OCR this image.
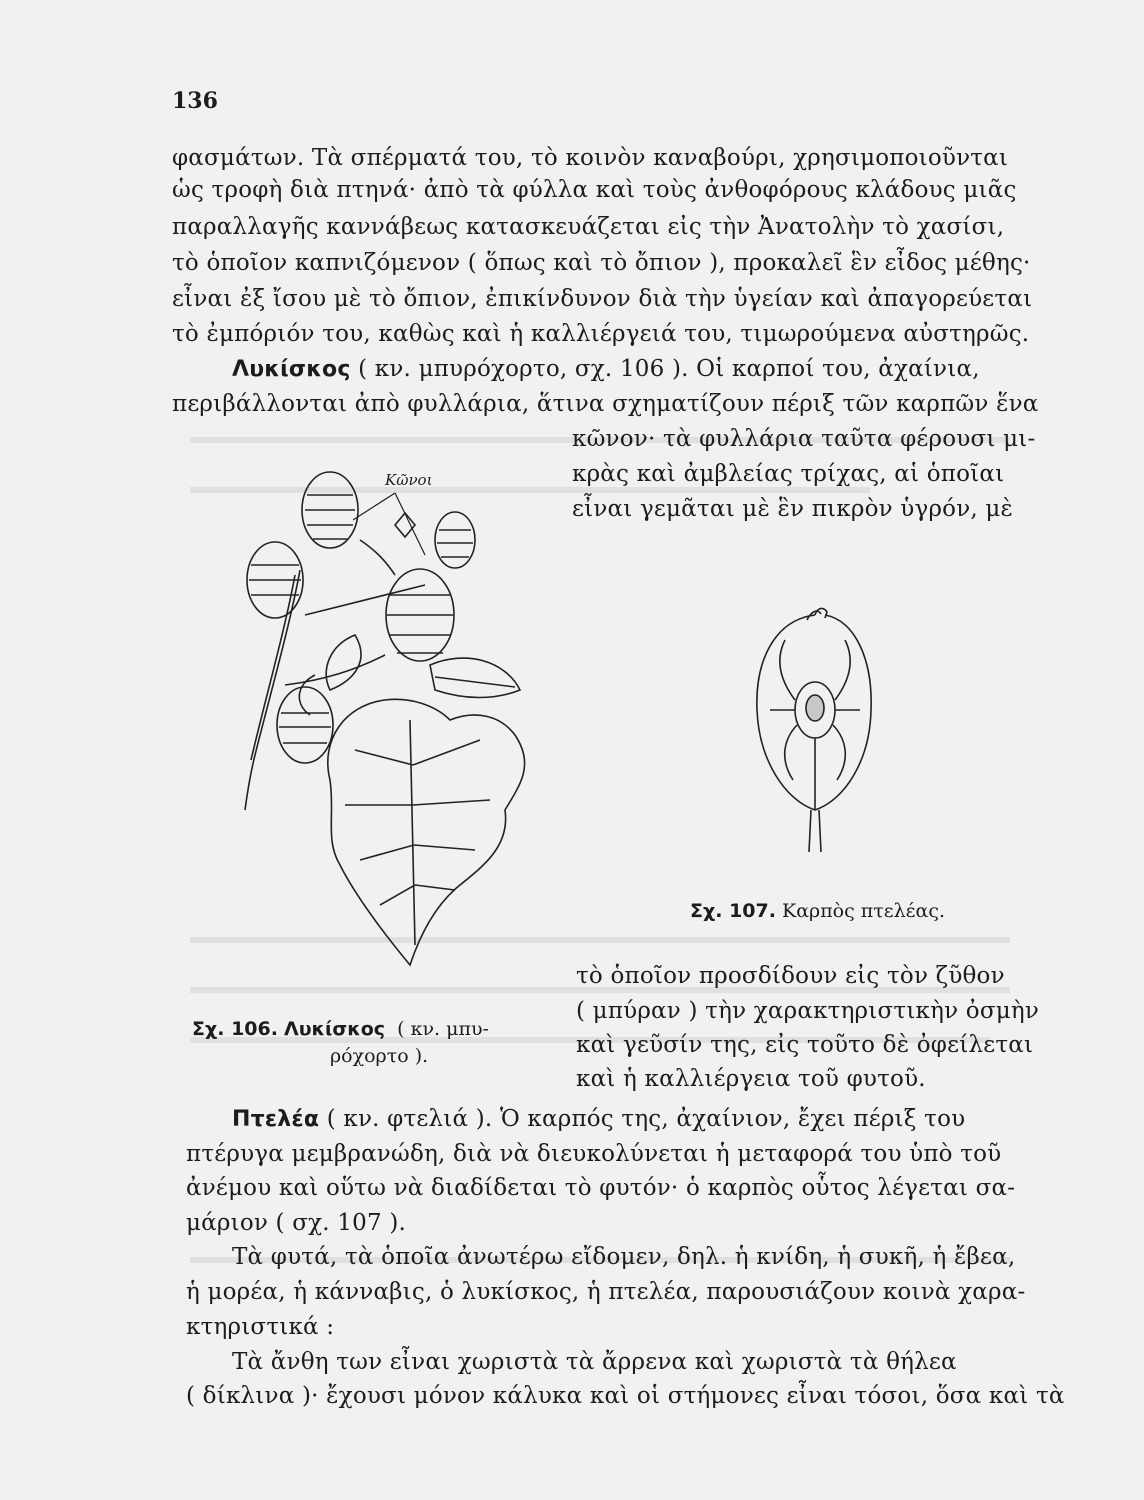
136
φασμάτων. Τὰ σπέρματά του, τὸ κοινὸν καναβούρι, χρησιμοποιοῦνται
ὡς τροφὴ διὰ πτηνά· ἀπὸ τὰ φύλλα καὶ τοὺς ἀνθοφόρους κλάδους μιᾶς
παραλλαγῆς καννάβεως κατασκευάζεται εἰς τὴν Ἀνατολὴν τὸ χασίσι,
τὸ ὁποῖον καπνιζόμενον ( ὅπως καὶ τὸ ὄπιον ), προκαλεῖ ἓν εἶδος μέθης·
εἶναι ἐξ ἴσου μὲ τὸ ὄπιον, ἐπικίνδυνον διὰ τὴν ὑγείαν καὶ ἀπαγορεύεται
τὸ ἐμπόριόν του, καθὼς καὶ ἡ καλλιέργειά του, τιμωρούμενα αὐστηρῶς.
Λυκίσκος ( κν. μπυρόχορτο, σχ. 106 ). Οἱ καρποί του, ἀχαίνια,
περιβάλλονται ἀπὸ φυλλάρια, ἅτινα σχηματίζουν πέριξ τῶν καρπῶν ἕνα
κῶνον· τὰ φυλλάρια ταῦτα φέρουσι μι-
κρὰς καὶ ἀμβλείας τρίχας, αἱ ὁποῖαι
εἶναι γεμᾶται μὲ ἓν πικρὸν ὑγρόν, μὲ
Κῶνοι
Σχ. 107. Καρπὸς πτελέας.
τὸ ὁποῖον προσδίδουν εἰς τὸν ζῦθον
( μπύραν ) τὴν χαρακτηριστικὴν ὀσμὴν
καὶ γεῦσίν της, εἰς τοῦτο δὲ ὀφείλεται
καὶ ἡ καλλιέργεια τοῦ φυτοῦ.
Σχ. 106. Λυκίσκος ( κν. μπυ-
ρόχορτο ).
Πτελέα ( κν. φτελιά ). Ὁ καρπός της, ἀχαίνιον, ἔχει πέριξ του
πτέρυγα μεμβρανώδη, διὰ νὰ διευκολύνεται ἡ μεταφορά του ὑπὸ τοῦ
ἀνέμου καὶ οὕτω νὰ διαδίδεται τὸ φυτόν· ὁ καρπὸς οὗτος λέγεται σα-
μάριον ( σχ. 107 ).
Τὰ φυτά, τὰ ὁποῖα ἀνωτέρω εἴδομεν, δηλ. ἡ κνίδη, ἡ συκῆ, ἡ ἔβεα,
ἡ μορέα, ἡ κάνναβις, ὁ λυκίσκος, ἡ πτελέα, παρουσιάζουν κοινὰ χαρα-
κτηριστικά :
Τὰ ἄνθη των εἶναι χωριστὰ τὰ ἄρρενα καὶ χωριστὰ τὰ θήλεα
( δίκλινα )· ἔχουσι μόνον κάλυκα καὶ οἱ στήμονες εἶναι τόσοι, ὅσα καὶ τὰ
